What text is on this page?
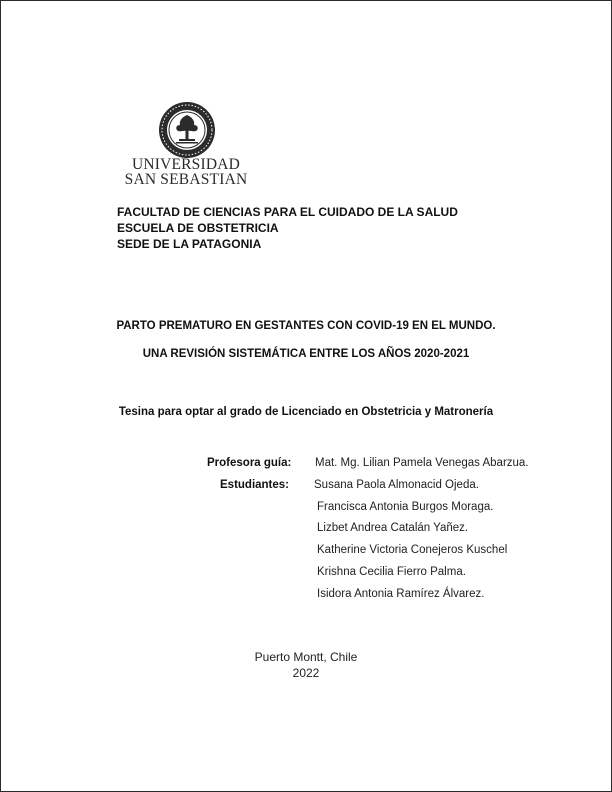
UNIVERSIDAD
SAN SEBASTIAN
FACULTAD DE CIENCIAS PARA EL CUIDADO DE LA SALUD
ESCUELA DE OBSTETRICIA
SEDE DE LA PATAGONIA
PARTO PREMATURO EN GESTANTES CON COVID-19 EN EL MUNDO.
UNA REVISIÓN SISTEMÁTICA ENTRE LOS AÑOS 2020-2021
Tesina para optar al grado de Licenciado en Obstetricia y Matronería
Profesora guía: Mat. Mg. Lilian Pamela Venegas Abarzua.
Estudiantes: Susana Paola Almonacid Ojeda.
Francisca Antonia Burgos Moraga.
Lizbet Andrea Catalán Yañez.
Katherine Victoria Conejeros Kuschel
Krishna Cecilia Fierro Palma.
Isidora Antonia Ramírez Álvarez.
Puerto Montt, Chile
2022
